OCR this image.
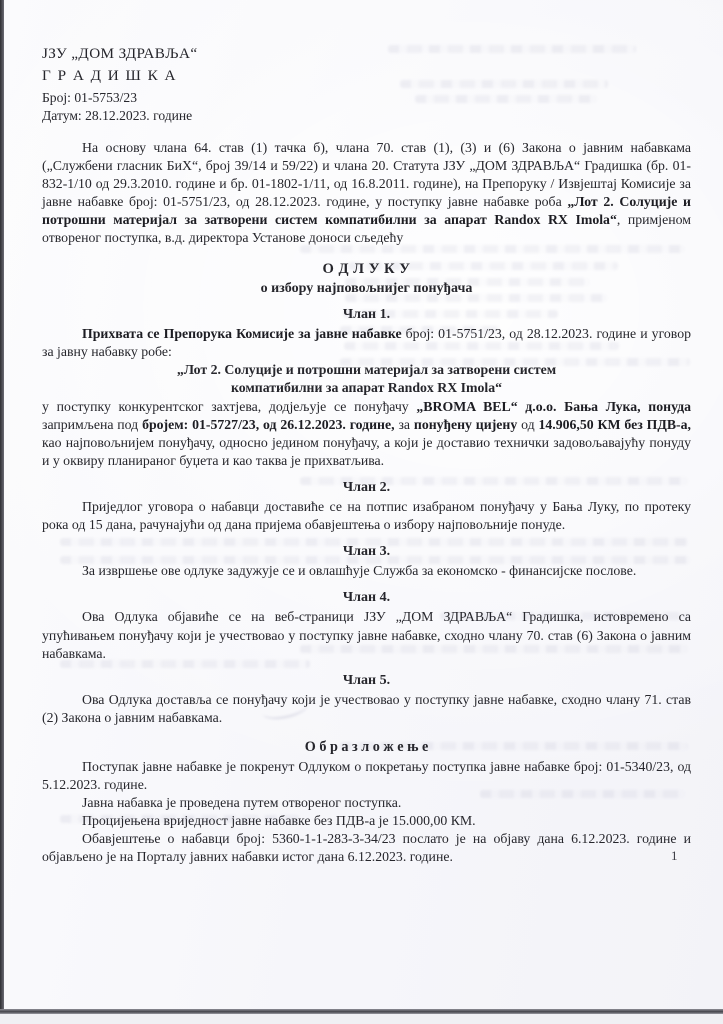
ЈЗУ „ДОМ ЗДРАВЉА“
Г Р А Д И Ш К А
Број: 01-5753/23
Датум: 28.12.2023. године

На основу члана 64. став (1) тачка б), члана 70. став (1), (3) и (6) Закона о јавним набавкама („Службени гласник БиХ“, број 39/14 и 59/22) и члана 20. Статута ЈЗУ „ДОМ ЗДРАВЉА“ Градишка (бр. 01-832-1/10 од 29.3.2010. године и бр. 01-1802-1/11, од 16.8.2011. године), на Препоруку / Извјештај Комисије за јавне набавке број: 01-5751/23, од 28.12.2023. године, у поступку јавне набавке роба „Лот 2. Солуције и потрошни материјал за затворени систем компатибилни за апарат Randox RX Imola“, примјеном отвореног поступка, в.д. директора Установе доноси сљедећу

О Д Л У К У
о избору најповољнијег понуђача
Члан 1.

Прихвата се Препорука Комисије за јавне набавке број: 01-5751/23, од 28.12.2023. године и уговор за јавну набавку робе:

„Лот 2. Солуције и потрошни материјал за затворени систем

компатибилни за апарат Randox RX Imola“

у поступку конкурентског захтјева, додјељује се понуђачу „BROMA BEL“ д.о.о. Бања Лука, понуда запримљена под бројем: 01-5727/23, од 26.12.2023. године, за понуђену цијену од 14.906,50 КМ без ПДВ-а, као најповољнијем понуђачу, односно једином понуђачу, а који је доставио технички задовољавајућу понуду и у оквиру планираног буџета и као таква је прихватљива.

Члан 2.

Приједлог уговора о набавци доставиће се на потпис изабраном понуђачу у Бања Луку, по протеку рока од 15 дана, рачунајући од дана пријема обавјештења о избору најповољније понуде.

Члан 3.

За извршење ове одлуке задужује се и овлашћује Служба за економско - финансијске послове.

Члан 4.

Ова Одлука објавиће се на веб-страници ЈЗУ „ДОМ ЗДРАВЉА“ Градишка, истовремено са упућивањем понуђачу који је учествовао у поступку јавне набавке, сходно члану 70. став (6) Закона о јавним набавкама.

Члан 5.

Ова Одлука доставља се понуђачу који је учествовао у поступку јавне набавке, сходно члану 71. став (2) Закона о јавним набавкама.

О б р а з л о ж е њ е

Поступак јавне набавке је покренут Одлуком о покретању поступка јавне набавке број: 01-5340/23, од 5.12.2023. године.

Јавна набавка је проведена путем отвореног поступка.

Процијењена вриједност јавне набавке без ПДВ-а је 15.000,00 КМ.

Обавјештење о набавци број: 5360-1-1-283-3-34/23 послато је на објаву дана 6.12.2023. године и објављено је на Порталу јавних набавки истог дана 6.12.2023. године.	1
